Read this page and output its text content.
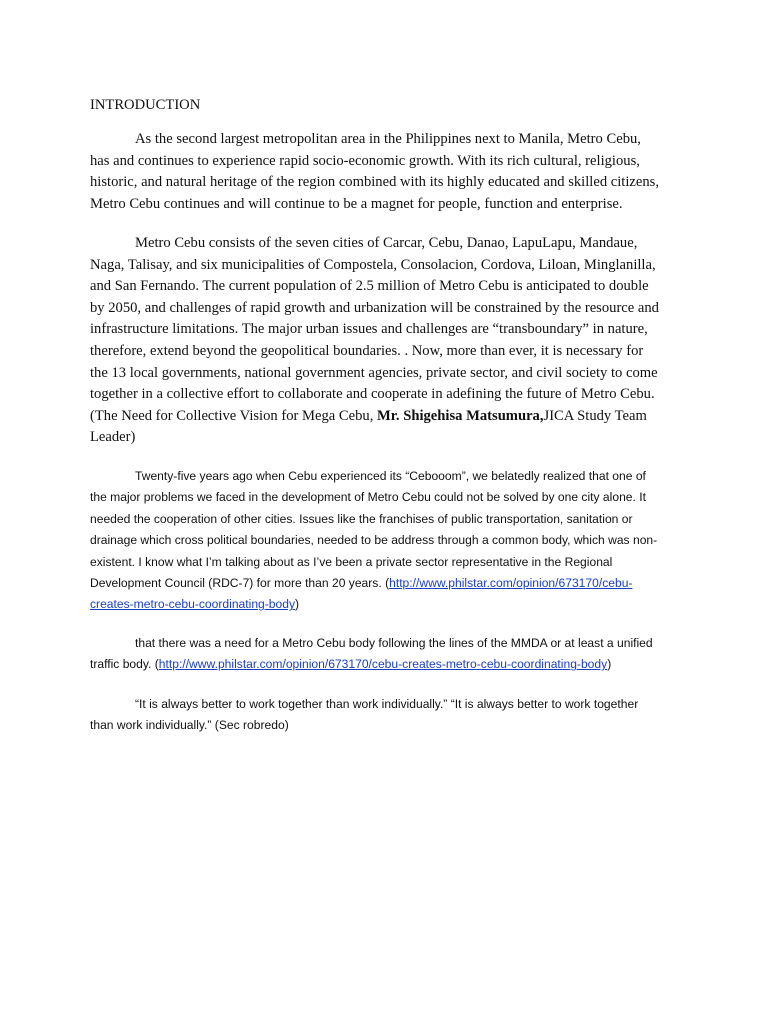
INTRODUCTION

As the second largest metropolitan area in the Philippines next to Manila, Metro Cebu, has and continues to experience rapid socio-economic growth. With its rich cultural, religious, historic, and natural heritage of the region combined with its highly educated and skilled citizens, Metro Cebu continues and will continue to be a magnet for people, function and enterprise.

Metro Cebu consists of the seven cities of Carcar, Cebu, Danao, LapuLapu, Mandaue, Naga, Talisay, and six municipalities of Compostela, Consolacion, Cordova, Liloan, Minglanilla, and San Fernando. The current population of 2.5 million of Metro Cebu is anticipated to double by 2050, and challenges of rapid growth and urbanization will be constrained by the resource and infrastructure limitations. The major urban issues and challenges are “transboundary” in nature, therefore, extend beyond the geopolitical boundaries. . Now, more than ever, it is necessary for the 13 local governments, national government agencies, private sector, and civil society to come together in a collective effort to collaborate and cooperate in adefining the future of Metro Cebu. (The Need for Collective Vision for Mega Cebu, Mr. Shigehisa Matsumura,JICA Study Team Leader)

Twenty-five years ago when Cebu experienced its “Cebooom”, we belatedly realized that one of the major problems we faced in the development of Metro Cebu could not be solved by one city alone. It needed the cooperation of other cities. Issues like the franchises of public transportation, sanitation or drainage which cross political boundaries, needed to be address through a common body, which was non-existent. I know what I’m talking about as I’ve been a private sector representative in the Regional Development Council (RDC-7) for more than 20 years. (http://www.philstar.com/opinion/673170/cebu-creates-metro-cebu-coordinating-body)

that there was a need for a Metro Cebu body following the lines of the MMDA or at least a unified traffic body. (http://www.philstar.com/opinion/673170/cebu-creates-metro-cebu-coordinating-body)

“It is always better to work together than work individually.” “It is always better to work together than work individually.” (Sec robredo)
